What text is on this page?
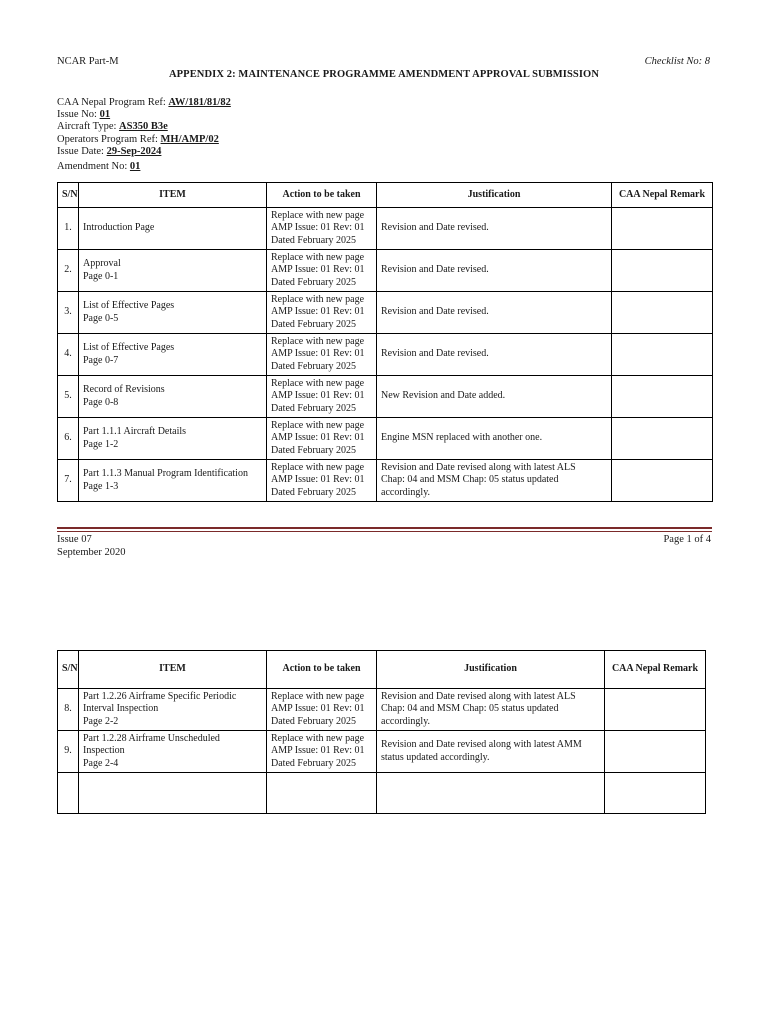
NCAR Part-M	Checklist No: 8
APPENDIX 2: MAINTENANCE PROGRAMME AMENDMENT APPROVAL SUBMISSION
CAA Nepal Program Ref: AW/181/81/82
Issue No: 01
Aircraft Type: AS350 B3e
Operators Program Ref: MH/AMP/02
Issue Date: 29-Sep-2024
Amendment No: 01
S/N	ITEM	Action to be taken	Justification	CAA Nepal Remark
1.	Introduction Page	Replace with new page
AMP Issue: 01 Rev: 01
Dated February 2025	Revision and Date revised.	

2.	Approval
Page 0-1	Replace with new page
AMP Issue: 01 Rev: 01
Dated February 2025	Revision and Date revised.	

3.	List of Effective Pages
Page 0-5	Replace with new page
AMP Issue: 01 Rev: 01
Dated February 2025	Revision and Date revised.	

4.	List of Effective Pages
Page 0-7	Replace with new page
AMP Issue: 01 Rev: 01
Dated February 2025	Revision and Date revised.	

5.	Record of Revisions
Page 0-8	Replace with new page
AMP Issue: 01 Rev: 01
Dated February 2025	New Revision and Date added.	

6.	Part 1.1.1 Aircraft Details
Page 1-2	Replace with new page
AMP Issue: 01 Rev: 01
Dated February 2025	Engine MSN replaced with another one.	

7.	Part 1.1.3 Manual Program Identification
Page 1-3	Replace with new page
AMP Issue: 01 Rev: 01
Dated February 2025	Revision and Date revised along with latest ALS
Chap: 04 and MSM Chap: 05 status updated
accordingly.	

Issue 07
September 2020
Page 1 of 4
S/N	ITEM	Action to be taken	Justification	CAA Nepal Remark
8.	Part 1.2.26 Airframe Specific Periodic
Interval Inspection
Page 2-2	Replace with new page
AMP Issue: 01 Rev: 01
Dated February 2025	Revision and Date revised along with latest ALS
Chap: 04 and MSM Chap: 05 status updated
accordingly.	

9.	Part 1.2.28 Airframe Unscheduled
Inspection
Page 2-4	Replace with new page
AMP Issue: 01 Rev: 01
Dated February 2025	Revision and Date revised along with latest AMM
status updated accordingly.	
